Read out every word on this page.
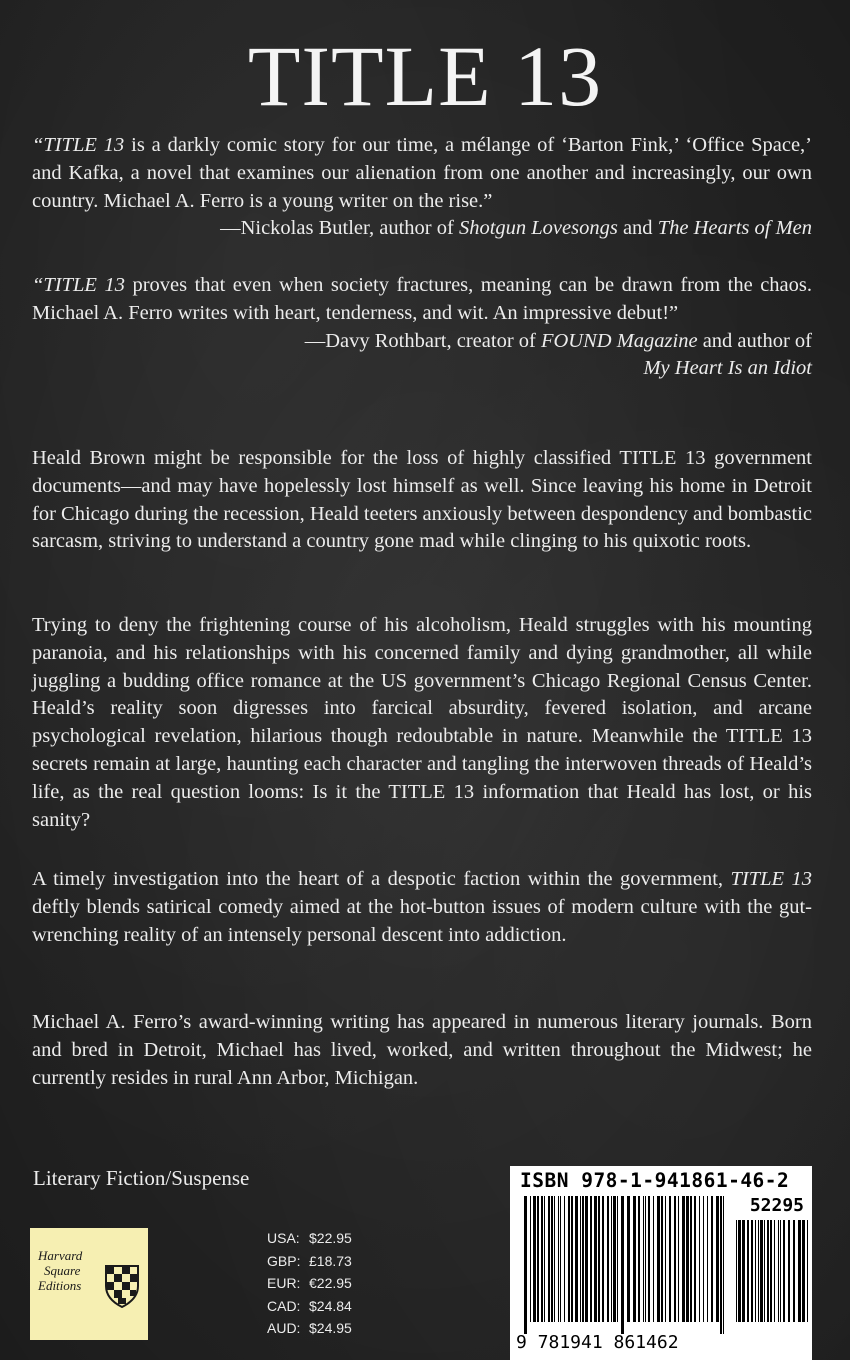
TITLE 13

“TITLE 13 is a darkly comic story for our time, a mélange of ‘Barton Fink,’ ‘Office Space,’ and Kafka, a novel that examines our alienation from one another and increasingly, our own country. Michael A. Ferro is a young writer on the rise.”

—Nickolas Butler, author of Shotgun Lovesongs and The Hearts of Men

“TITLE 13 proves that even when society fractures, meaning can be drawn from the chaos. Michael A. Ferro writes with heart, tenderness, and wit. An impressive debut!”

—Davy Rothbart, creator of FOUND Magazine and author of
My Heart Is an Idiot

Heald Brown might be responsible for the loss of highly classified TITLE 13 government documents—and may have hopelessly lost himself as well. Since leaving his home in Detroit for Chicago during the recession, Heald teeters anxiously between despondency and bombastic sarcasm, striving to understand a country gone mad while clinging to his quixotic roots.

Trying to deny the frightening course of his alcoholism, Heald struggles with his mounting paranoia, and his relationships with his concerned family and dying grandmother, all while juggling a budding office romance at the US government’s Chicago Regional Census Center. Heald’s reality soon digresses into farcical absurdity, fevered isolation, and arcane psychological revelation, hilarious though redoubtable in nature. Meanwhile the TITLE 13 secrets remain at large, haunting each character and tangling the interwoven threads of Heald’s life, as the real question looms: Is it the TITLE 13 information that Heald has lost, or his sanity?

A timely investigation into the heart of a despotic faction within the government, TITLE 13 deftly blends satirical comedy aimed at the hot-button issues of modern culture with the gut-wrenching reality of an intensely personal descent into addiction.

Michael A. Ferro’s award-winning writing has appeared in numerous literary journals. Born and bred in Detroit, Michael has lived, worked, and written throughout the Midwest; he currently resides in rural Ann Arbor, Michigan.

Literary Fiction/Suspense
Harvard
Square
Editions
USA: $22.95
GBP: £18.73
EUR: €22.95
CAD: $24.84
AUD: $24.95
ISBN 978-1-941861-46-2
52295
9 781941 861462
